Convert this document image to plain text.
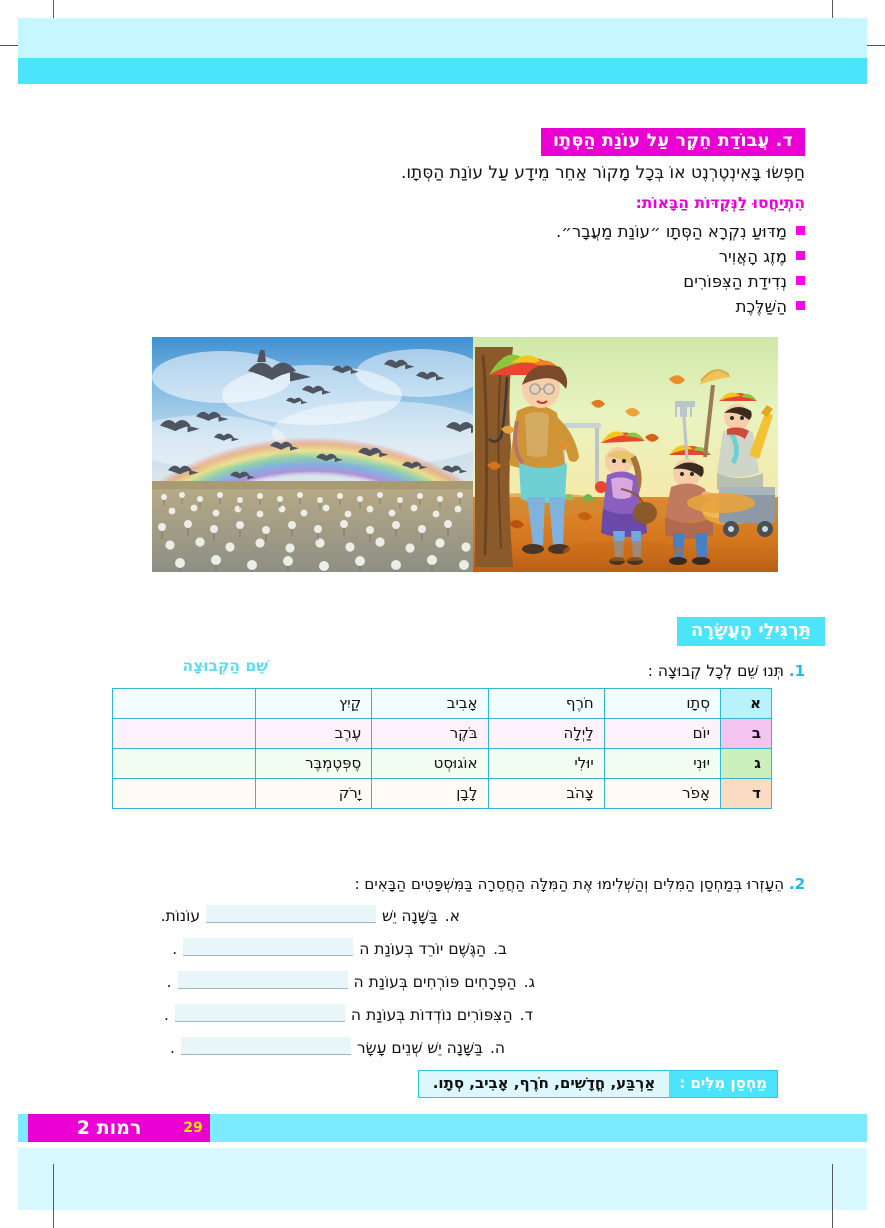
ד. עֲבוֹדַת חֵקֶר עַל עוֹנַת הַסְּתָו
חַפְּשׂוּ בָּאִינְטֶרְנֶט אוֹ בְּכָל מָקוֹר אַחֵר מֵידָע עַל עוֹנַת הַסְּתָו.
הִתְיַחֲסוּ לַנְּקֻדּוֹת הַבָּאוֹת:
מַדּוּעַ נִקְרָא הַסְּתָו ״עוֹנַת מַעֲבָר״.
מֶזֶג הָאֲוִיר
נְדִידַת הַצִּפּוֹרִים
הַשַּׁלֶּכֶת
תַּרְגִּילֵי הָעֲשָׂרָה
1. תְּנוּ שֵׁם לְכָל קְבוּצָה :
שֵׁם הַקְּבוּצָה
א	סְתָו	חֹרֶף	אָבִיב	קַיִץ	
ב	יוֹם	לַיְלָה	בֹּקֶר	עֶרֶב	
ג	יוּנִי	יוּלִי	אוֹגוּסְט	סֶפְּטֶמְבֶּר	
ד	אָפֹר	צָהֹב	לָבָן	יָרֹק	
2. הֵעָזְרוּ בְּמַחְסַן הַמִּלִּים וְהַשְׁלִימוּ אֶת הַמִּלָּה הַחֲסֵרָה בַּמִּשְׁפָּטִים הַבָּאִים :
א.
בַּשָּׁנָה יֵשׁ
עוֹנוֹת.
ב.
הַגֶּשֶׁם יוֹרֵד בְּעוֹנַת ה
.
ג.
הַפְּרָחִים פּוֹרְחִים בְּעוֹנַת ה
.
ד.
הַצִּפּוֹרִים נוֹדְדוֹת בְּעוֹנַת ה
.
ה.
בַּשָּׁנָה יֵשׁ שְׁנֵים עָשָׂר
.
מַחְסַן מִלִּים :
אַרְבַּע, חֳדָשִׁים, חֹרֶף, אָבִיב, סְתָו.
רמות 2	29
